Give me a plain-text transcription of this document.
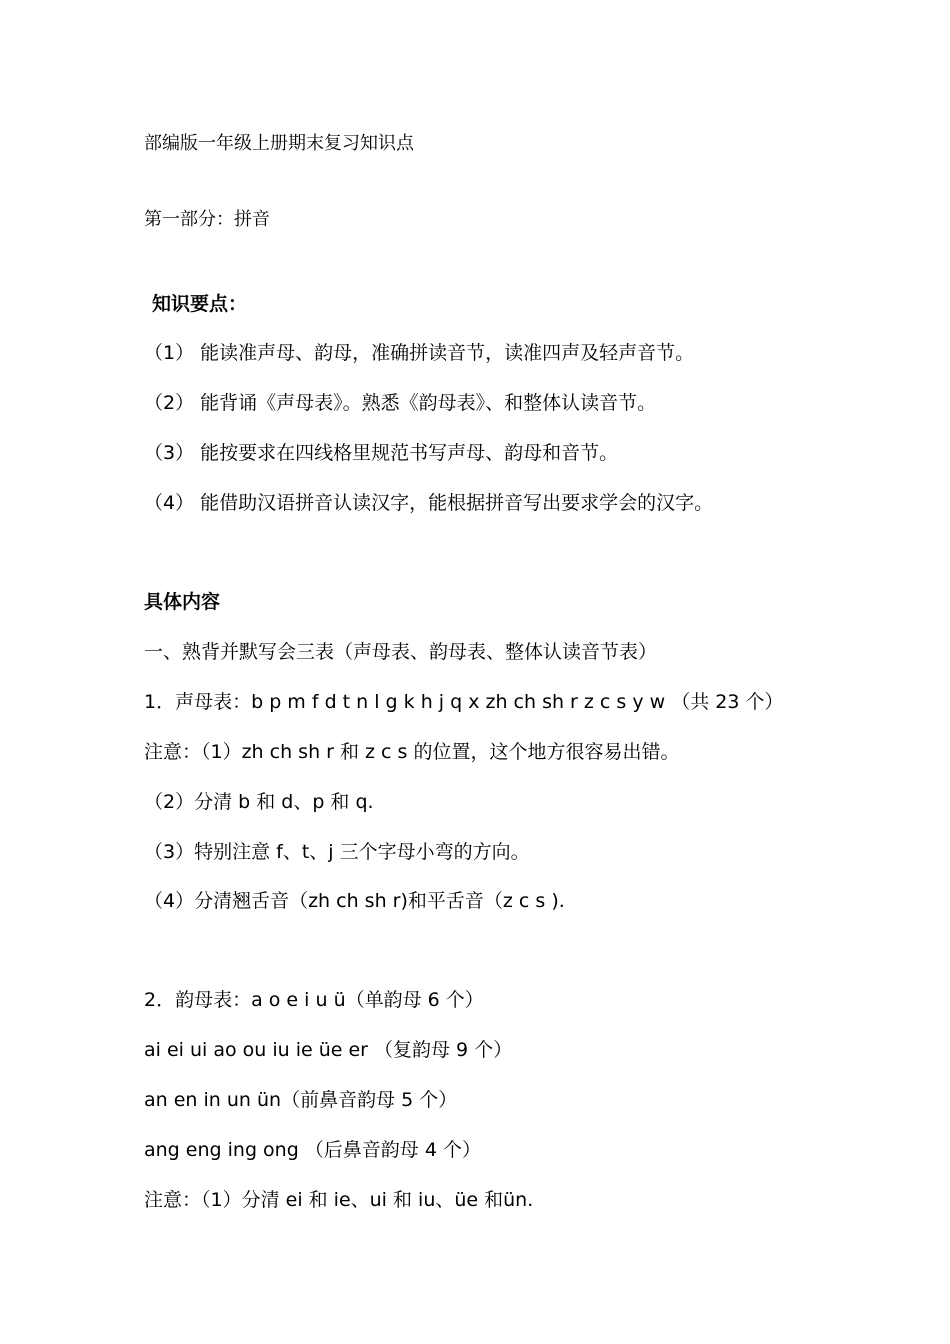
部编版一年级上册期末复习知识点
第一部分：拼音
知识要点：
（1） 能读准声母、韵母，准确拼读音节，读准四声及轻声音节。
（2） 能背诵《声母表》。熟悉《韵母表》、和整体认读音节。
（3） 能按要求在四线格里规范书写声母、韵母和音节。
（4） 能借助汉语拼音认读汉字，能根据拼音写出要求学会的汉字。
具体内容
一、熟背并默写会三表（声母表、韵母表、整体认读音节表）
1．声母表：b p m f d t n l g k h j q x zh ch sh r z c s y w （共 23 个）
注意：（1）zh ch sh r 和 z c s 的位置，这个地方很容易出错。
（2）分清 b 和 d、p 和 q.
（3）特别注意 f、t、j 三个字母小弯的方向。
（4）分清翘舌音（zh ch sh r)和平舌音（z c s ).
2．韵母表：a o e i u ü（单韵母 6 个）
ai ei ui ao ou iu ie üe er （复韵母 9 个）
an en in un ün（前鼻音韵母 5 个）
ang eng ing ong （后鼻音韵母 4 个）
注意：（1）分清 ei 和 ie、ui 和 iu、üe 和ün.
